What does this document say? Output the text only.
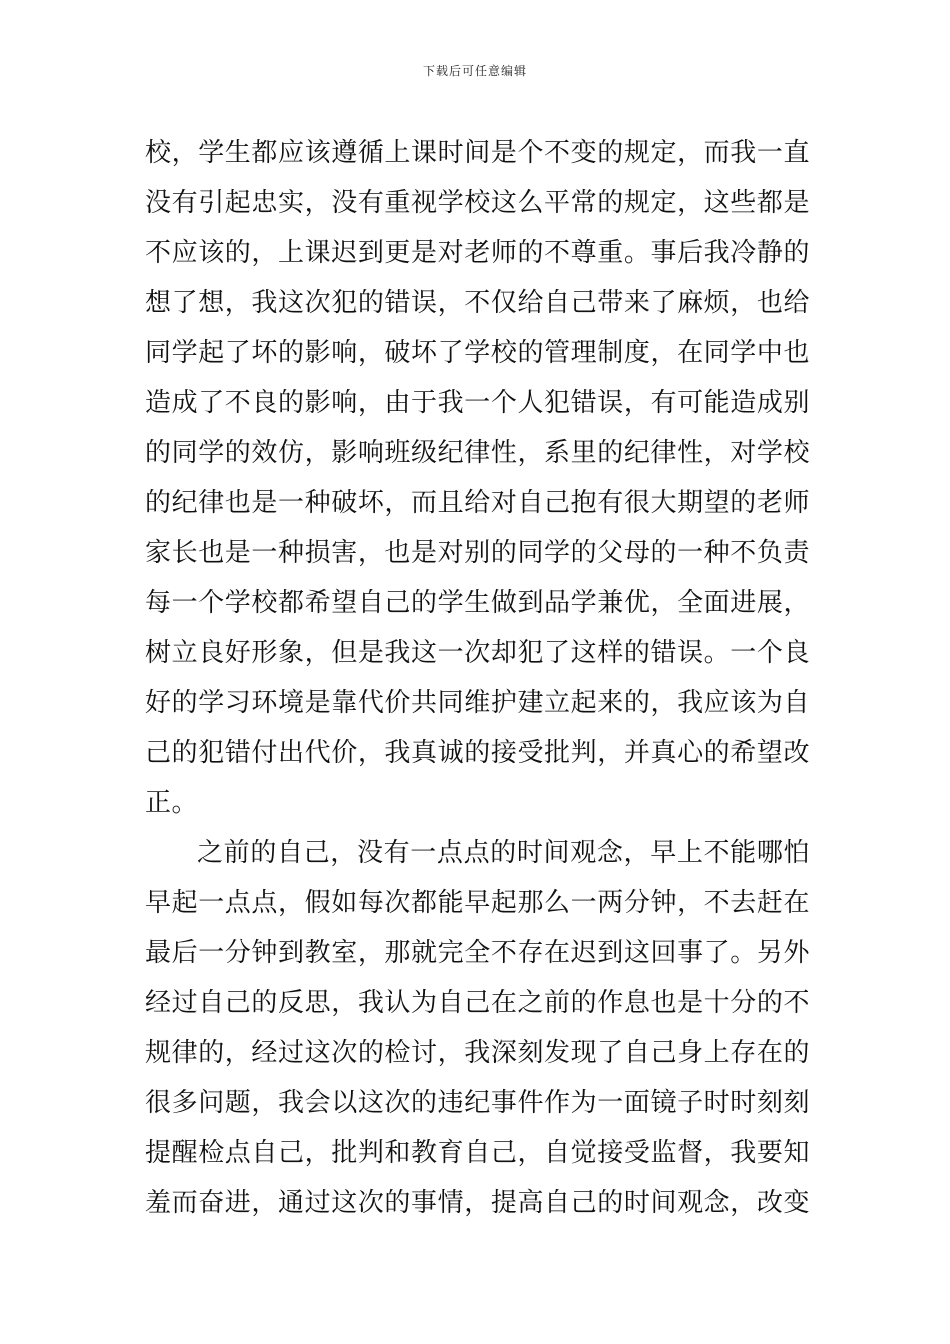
下载后可任意编辑
校，学生都应该遵循上课时间是个不变的规定，而我一直
没有引起忠实，没有重视学校这么平常的规定，这些都是
不应该的，上课迟到更是对老师的不尊重。事后我冷静的
想了想，我这次犯的错误，不仅给自己带来了麻烦，也给
同学起了坏的影响，破坏了学校的管理制度，在同学中也
造成了不良的影响，由于我一个人犯错误，有可能造成别
的同学的效仿，影响班级纪律性，系里的纪律性，对学校
的纪律也是一种破坏，而且给对自己抱有很大期望的老师
家长也是一种损害，也是对别的同学的父母的一种不负责
每一个学校都希望自己的学生做到品学兼优，全面进展，
树立良好形象，但是我这一次却犯了这样的错误。一个良
好的学习环境是靠代价共同维护建立起来的，我应该为自
己的犯错付出代价，我真诚的接受批判，并真心的希望改
正。
之前的自己，没有一点点的时间观念，早上不能哪怕
早起一点点，假如每次都能早起那么一两分钟，不去赶在
最后一分钟到教室，那就完全不存在迟到这回事了。另外
经过自己的反思，我认为自己在之前的作息也是十分的不
规律的，经过这次的检讨，我深刻发现了自己身上存在的
很多问题，我会以这次的违纪事件作为一面镜子时时刻刻
提醒检点自己，批判和教育自己，自觉接受监督，我要知
羞而奋进，通过这次的事情，提高自己的时间观念，改变
